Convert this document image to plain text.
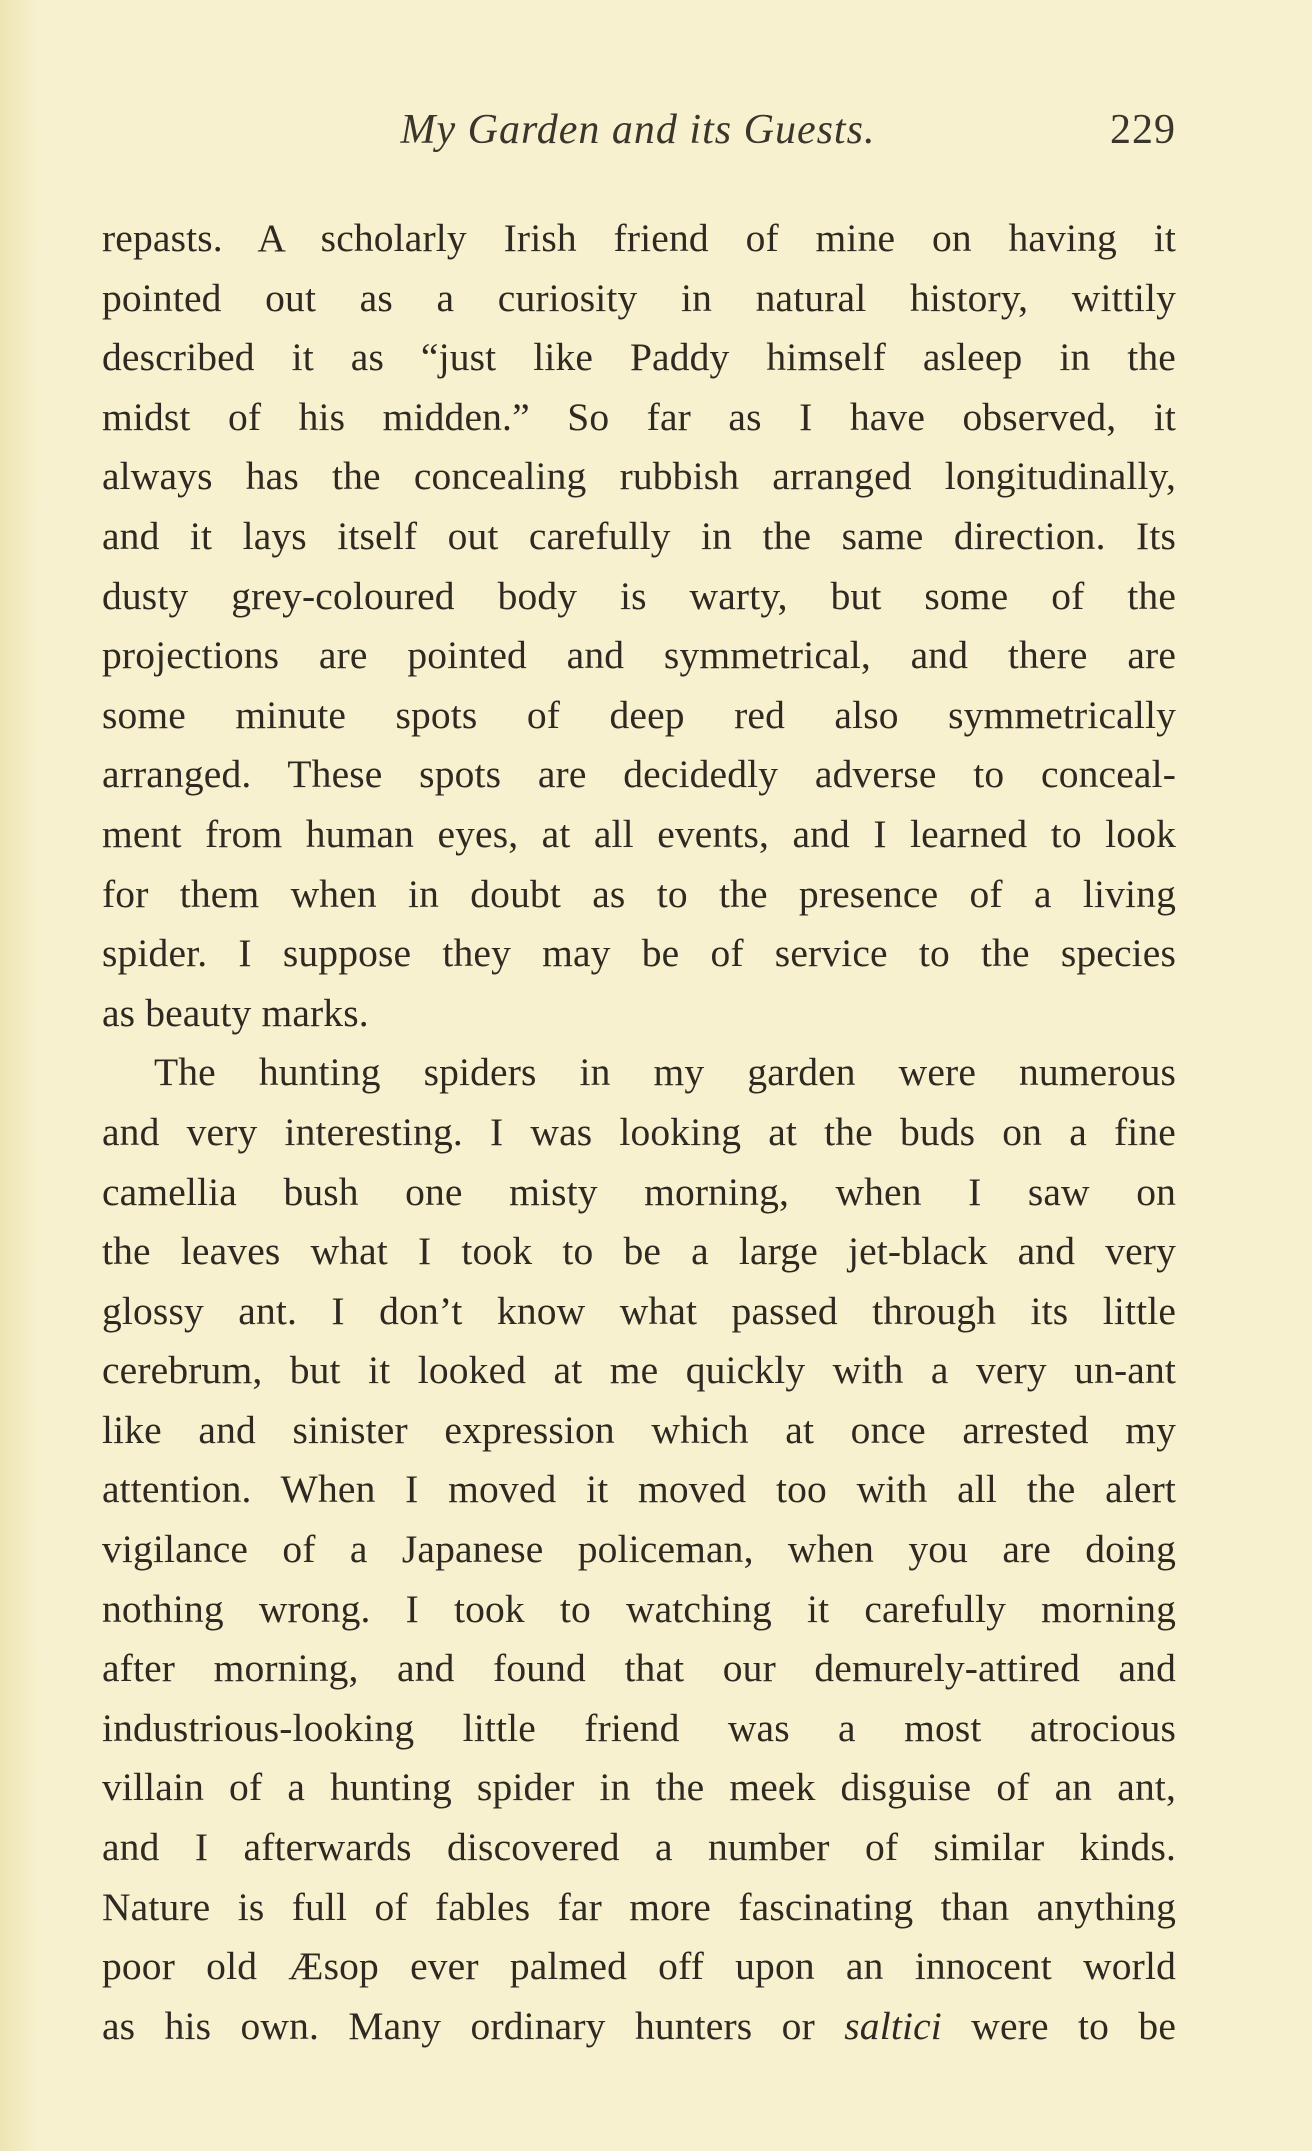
My Garden and its Guests.	229
repasts. A scholarly Irish friend of mine on having it
pointed out as a curiosity in natural history, wittily
described it as “just like Paddy himself asleep in the
midst of his midden.” So far as I have observed, it
always has the concealing rubbish arranged longitudinally,
and it lays itself out carefully in the same direction. Its
dusty grey-coloured body is warty, but some of the
projections are pointed and symmetrical, and there are
some minute spots of deep red also symmetrically
arranged. These spots are decidedly adverse to conceal-
ment from human eyes, at all events, and I learned to look
for them when in doubt as to the presence of a living
spider. I suppose they may be of service to the species
as beauty marks.
The hunting spiders in my garden were numerous
and very interesting. I was looking at the buds on a fine
camellia bush one misty morning, when I saw on
the leaves what I took to be a large jet-black and very
glossy ant. I don’t know what passed through its little
cerebrum, but it looked at me quickly with a very un-ant
like and sinister expression which at once arrested my
attention. When I moved it moved too with all the alert
vigilance of a Japanese policeman, when you are doing
nothing wrong. I took to watching it carefully morning
after morning, and found that our demurely-attired and
industrious-looking little friend was a most atrocious
villain of a hunting spider in the meek disguise of an ant,
and I afterwards discovered a number of similar kinds.
Nature is full of fables far more fascinating than anything
poor old Æsop ever palmed off upon an innocent world
as his own. Many ordinary hunters or saltici were to be
